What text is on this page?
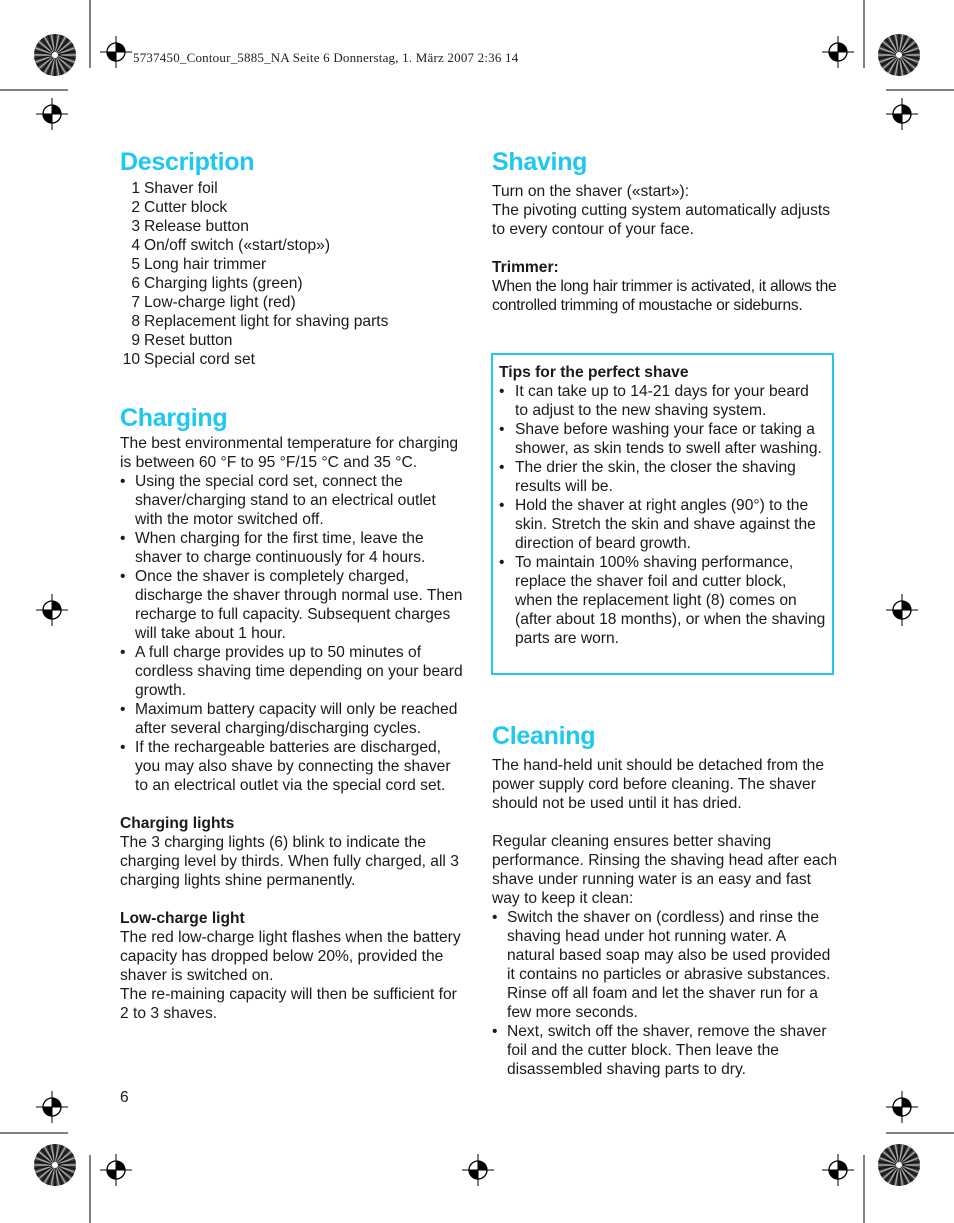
5737450_Contour_5885_NA Seite 6 Donnerstag, 1. März 2007 2:36 14
Description
1 Shaver foil
2 Cutter block
3 Release button
4 On/off switch («start/stop»)
5 Long hair trimmer
6 Charging lights (green)
7 Low-charge light (red)
8 Replacement light for shaving parts
9 Reset button
10 Special cord set
Charging

The best environmental temperature for charging is between 60 °F to 95 °F/15 °C and 35 °C.

• Using the special cord set, connect the shaver/charging stand to an electrical outlet with the motor switched off.
• When charging for the first time, leave the shaver to charge continuously for 4 hours.
• Once the shaver is completely charged, discharge the shaver through normal use. Then recharge to full capacity. Subsequent charges will take about 1 hour.
• A full charge provides up to 50 minutes of cordless shaving time depending on your beard growth.
• Maximum battery capacity will only be reached after several charging/discharging cycles.
• If the rechargeable batteries are discharged, you may also shave by connecting the shaver to an electrical outlet via the special cord set.

Charging lights

The 3 charging lights (6) blink to indicate the charging level by thirds. When fully charged, all 3 charging lights shine permanently.

Low-charge light

The red low-charge light flashes when the battery capacity has dropped below 20%, provided the shaver is switched on.

The re-maining capacity will then be sufficient for 2 to 3 shaves.

6
Shaving

Turn on the shaver («start»):

The pivoting cutting system automatically adjusts to every contour of your face.

Trimmer:

When the long hair trimmer is activated, it allows the controlled trimming of moustache or sideburns.

Tips for the perfect shave
• It can take up to 14-21 days for your beard to adjust to the new shaving system.
• Shave before washing your face or taking a shower, as skin tends to swell after washing.
• The drier the skin, the closer the shaving results will be.
• Hold the shaver at right angles (90°) to the skin. Stretch the skin and shave against the direction of beard growth.
• To maintain 100% shaving performance, replace the shaver foil and cutter block, when the replacement light (8) comes on (after about 18 months), or when the shaving parts are worn.
Cleaning

The hand-held unit should be detached from the power supply cord before cleaning. The shaver should not be used until it has dried.

Regular cleaning ensures better shaving performance. Rinsing the shaving head after each shave under running water is an easy and fast way to keep it clean:

• Switch the shaver on (cordless) and rinse the shaving head under hot running water. A natural based soap may also be used provided it contains no particles or abrasive substances. Rinse off all foam and let the shaver run for a few more seconds.
• Next, switch off the shaver, remove the shaver foil and the cutter block. Then leave the disassembled shaving parts to dry.
